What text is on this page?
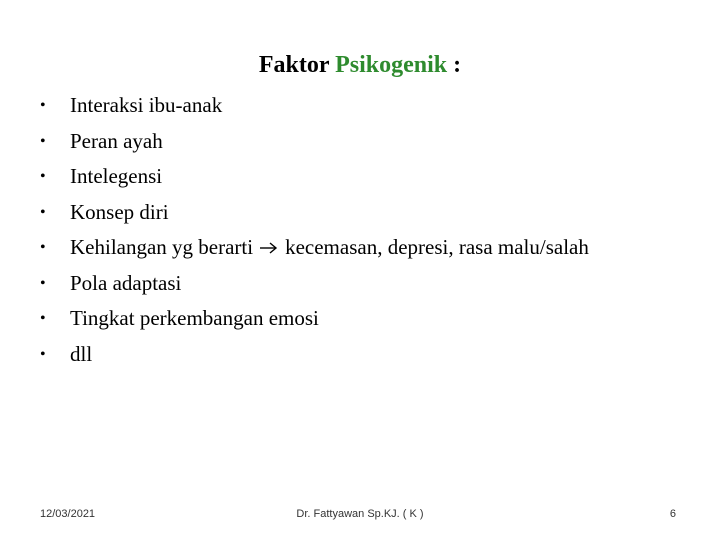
Faktor Psikogenik :
•	Interaksi ibu-anak
•	Peran ayah
•	Intelegensi
•	Konsep diri
•	Kehilangan yg berarti kecemasan, depresi, rasa malu/salah
•	Pola adaptasi
•	Tingkat perkembangan emosi
•	dll
12/03/2021	Dr. Fattyawan Sp.KJ. ( K )	6
